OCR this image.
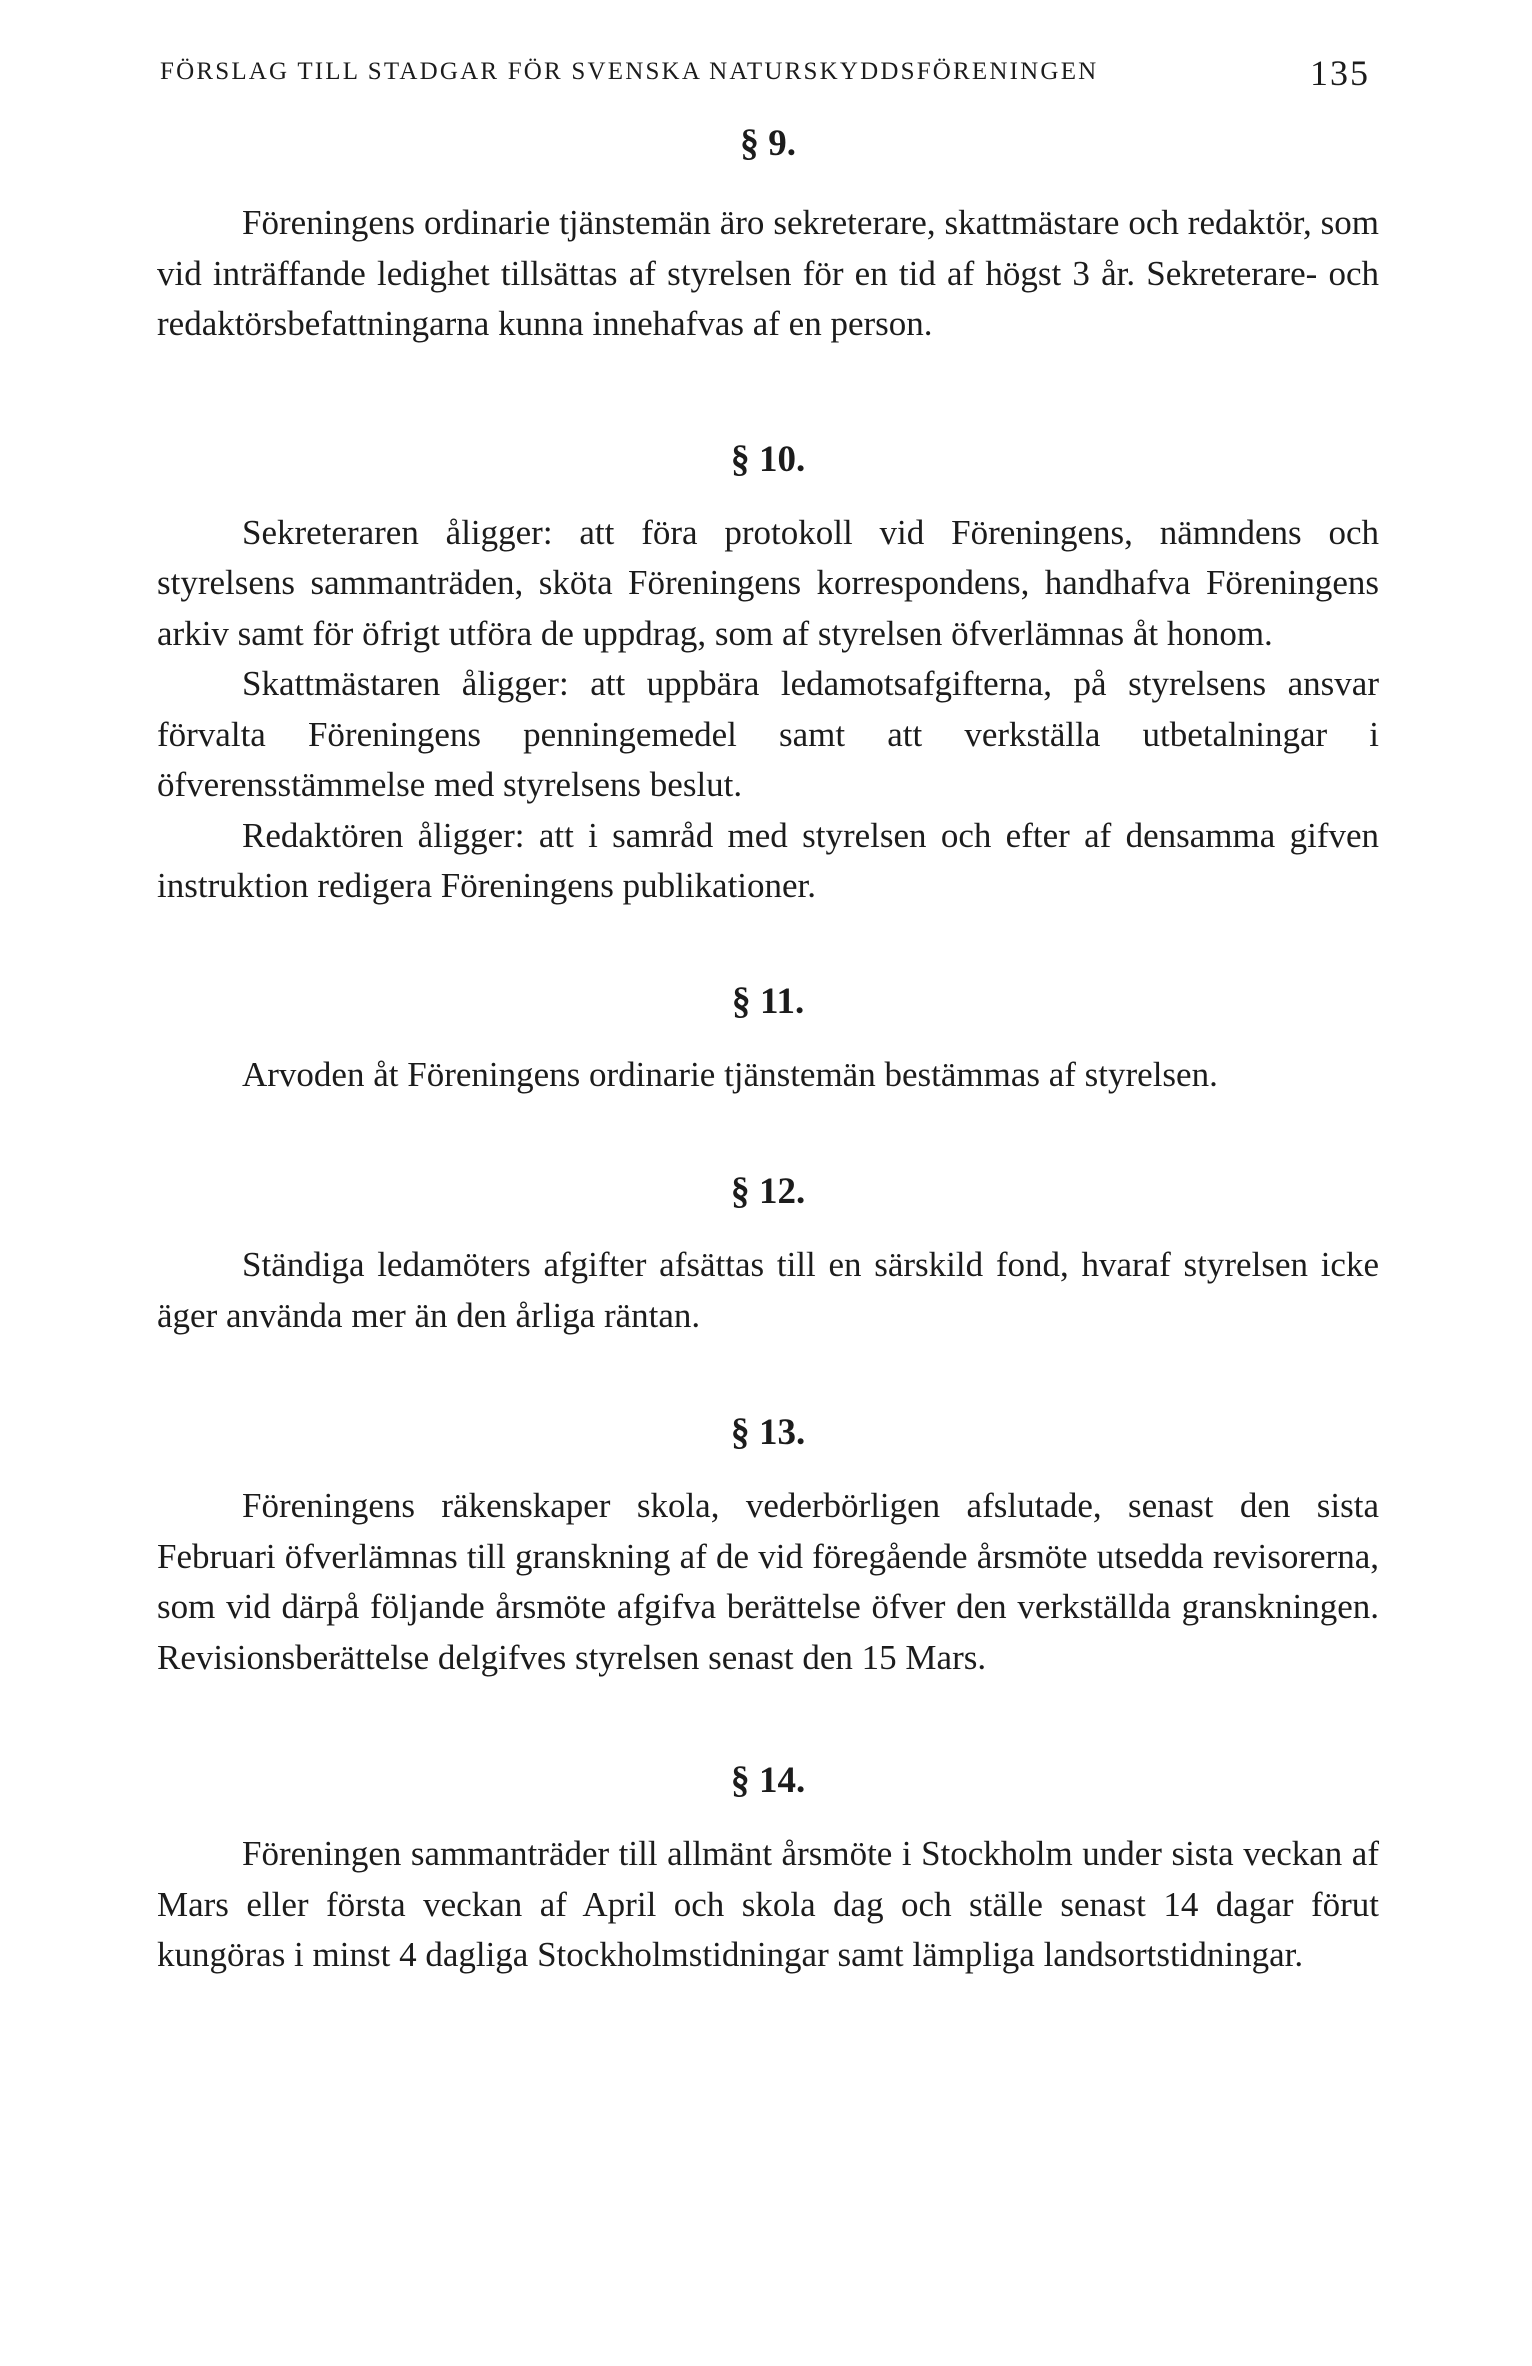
FÖRSLAG TILL STADGAR FÖR SVENSKA NATURSKYDDSFÖRENINGEN	135
§ 9.

Föreningens ordinarie tjänstemän äro sekreterare, skattmästare och redaktör, som vid inträffande ledighet tillsättas af styrelsen för en tid af högst 3 år. Sekreterare- och redaktörsbefattningarna kunna innehafvas af en person.

§ 10.

Sekreteraren åligger: att föra protokoll vid Föreningens, nämndens och styrelsens sammanträden, sköta Föreningens korrespondens, handhafva Föreningens arkiv samt för öfrigt utföra de uppdrag, som af styrelsen öfverlämnas åt honom.

Skattmästaren åligger: att uppbära ledamotsafgifterna, på styrelsens ansvar förvalta Föreningens penningemedel samt att verkställa utbetalningar i öfverensstämmelse med styrelsens beslut.

Redaktören åligger: att i samråd med styrelsen och efter af densamma gifven instruktion redigera Föreningens publikationer.

§ 11.

Arvoden åt Föreningens ordinarie tjänstemän bestämmas af styrelsen.

§ 12.

Ständiga ledamöters afgifter afsättas till en särskild fond, hvaraf styrelsen icke äger använda mer än den årliga räntan.

§ 13.

Föreningens räkenskaper skola, vederbörligen afslutade, senast den sista Februari öfverlämnas till granskning af de vid föregående årsmöte utsedda revisorerna, som vid därpå följande årsmöte afgifva berättelse öfver den verkställda granskningen. Revisionsberättelse delgifves styrelsen senast den 15 Mars.

§ 14.

Föreningen sammanträder till allmänt årsmöte i Stockholm under sista veckan af Mars eller första veckan af April och skola dag och ställe senast 14 dagar förut kungöras i minst 4 dagliga Stockholmstidningar samt lämpliga landsortstidningar.
